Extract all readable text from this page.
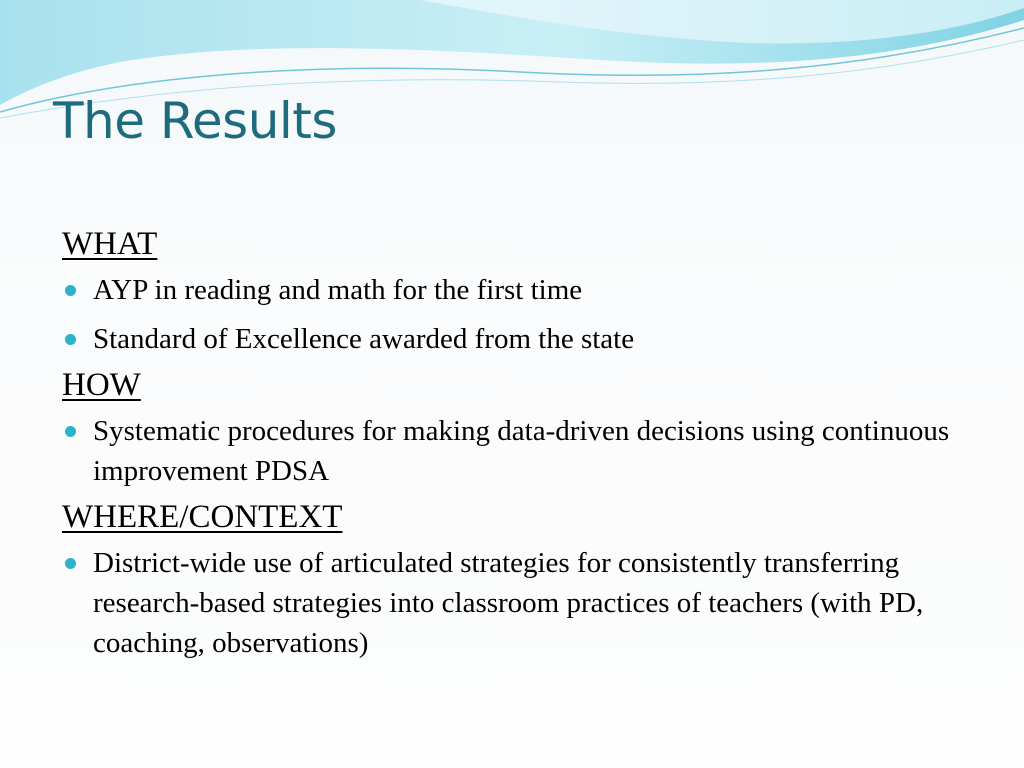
The Results
WHAT
AYP in reading and math for the first time
Standard of Excellence awarded from the state
HOW
Systematic procedures for making data-driven decisions using continuous improvement PDSA
WHERE/CONTEXT
District-wide use of articulated strategies for consistently transferring research-based strategies into classroom practices of teachers (with PD, coaching, observations)
